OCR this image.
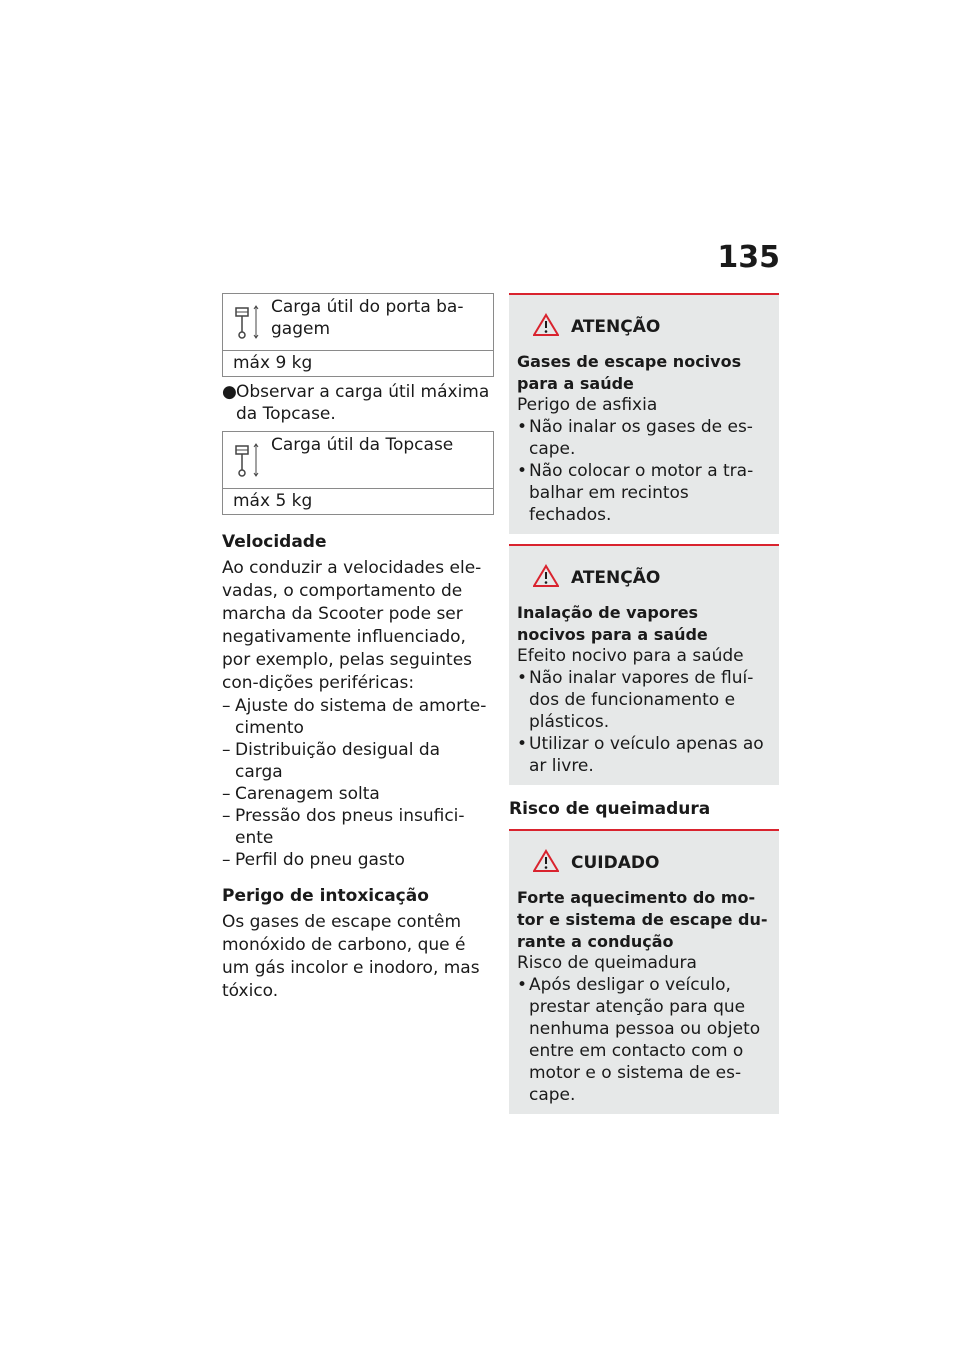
135
Carga útil do porta ba-gagem
máx 9 kg
● Observar a carga útil máxima da Topcase.
Carga útil da Topcase
máx 5 kg
Velocidade

Ao conduzir a velocidades ele-vadas, o comportamento de marcha da Scooter pode ser negativamente influenciado, por exemplo, pelas seguintes con-dições periféricas:

– Ajuste do sistema de amorte-cimento
– Distribuição desigual da carga
– Carenagem solta
– Pressão dos pneus insufici-ente
– Perfil do pneu gasto
Perigo de intoxicação

Os gases de escape contêm monóxido de carbono, que é um gás incolor e inodoro, mas tóxico.

ATENÇÃO

Gases de escape nocivos para a saúde

Perigo de asfixia

• Não inalar os gases de es-cape.
• Não colocar o motor a tra-balhar em recintos fechados.
ATENÇÃO

Inalação de vapores nocivos para a saúde

Efeito nocivo para a saúde

• Não inalar vapores de fluí-dos de funcionamento e plásticos.
• Utilizar o veículo apenas ao ar livre.
Risco de queimadura
CUIDADO

Forte aquecimento do mo-tor e sistema de escape du-rante a condução

Risco de queimadura

• Após desligar o veículo, prestar atenção para que nenhuma pessoa ou objeto entre em contacto com o motor e o sistema de es-cape.
